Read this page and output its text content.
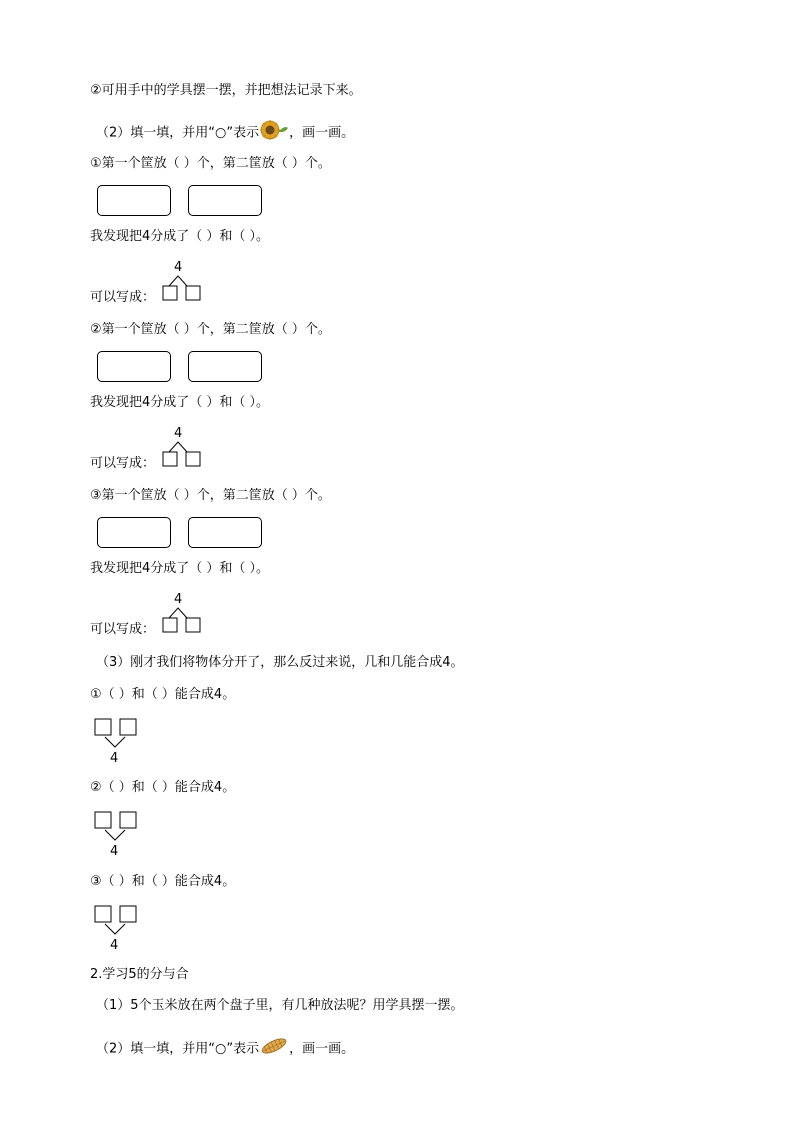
②可用手中的学具摆一摆，并把想法记录下来。
（2）填一填，并用“○”表示 ，画一画。
①第一个筐放（ ）个，第二筐放（ ）个。
我发现把4分成了（ ）和（ ）。
4
可以写成：
②第一个筐放（ ）个，第二筐放（ ）个。
我发现把4分成了（ ）和（ ）。
4
可以写成：
③第一个筐放（ ）个，第二筐放（ ）个。
我发现把4分成了（ ）和（ ）。
4
可以写成：
（3）刚才我们将物体分开了，那么反过来说，几和几能合成4。
①（ ）和（ ）能合成4。
4
②（ ）和（ ）能合成4。
4
③（ ）和（ ）能合成4。
4
2.学习5的分与合
（1）5个玉米放在两个盘子里，有几种放法呢？用学具摆一摆。
（2）填一填，并用“○”表示 ，画一画。
